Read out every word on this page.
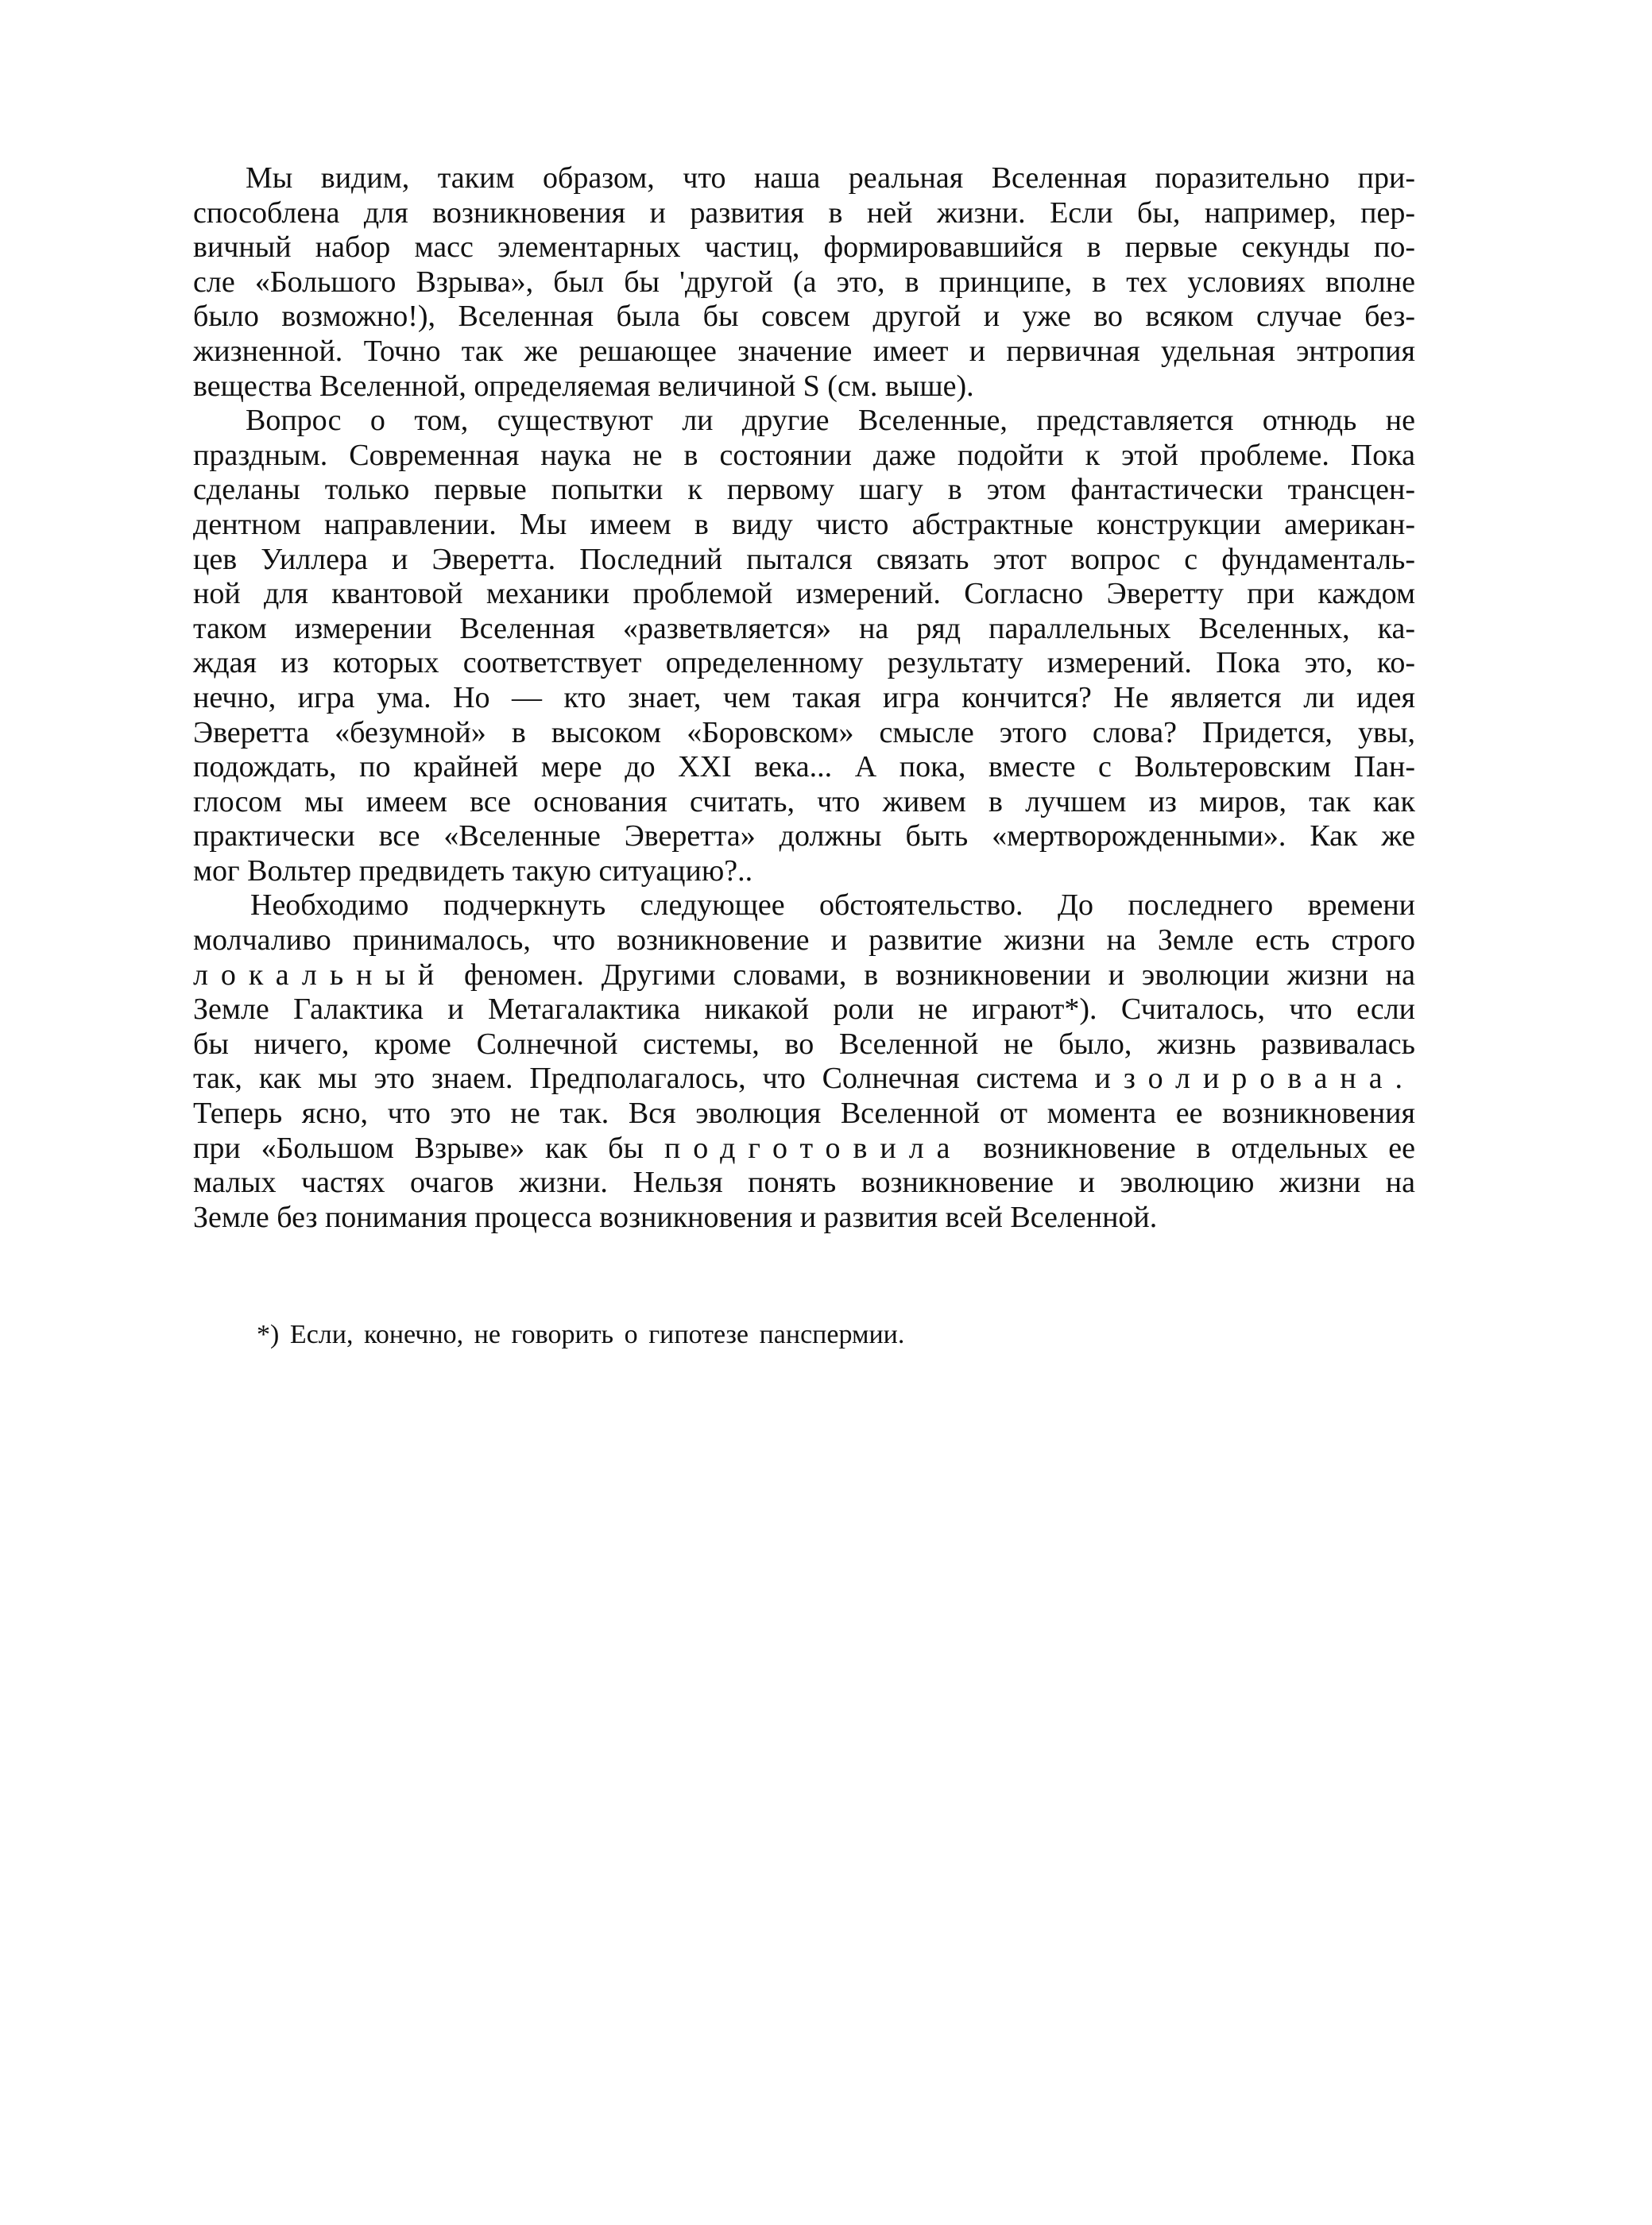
Мы видим, таким образом, что наша реальная Вселенная поразительно при-
способлена для возникновения и развития в ней жизни. Если бы, например, пер-
вичный набор масс элементарных частиц, формировавшийся в первые секунды по-
сле «Большого Взрыва», был бы 'другой (а это, в принципе, в тех условиях вполне
было возможно!), Вселенная была бы совсем другой и уже во всяком случае без-
жизненной. Точно так же решающее значение имеет и первичная удельная энтропия
вещества Вселенной, определяемая величиной S (см. выше).
Вопрос о том, существуют ли другие Вселенные, представляется отнюдь не
праздным. Современная наука не в состоянии даже подойти к этой проблеме. Пока
сделаны только первые попытки к первому шагу в этом фантастически трансцен-
дентном направлении. Мы имеем в виду чисто абстрактные конструкции американ-
цев Уиллера и Эверетта. Последний пытался связать этот вопрос с фундаменталь-
ной для квантовой механики проблемой измерений. Согласно Эверетту при каждом
таком измерении Вселенная «разветвляется» на ряд параллельных Вселенных, ка-
ждая из которых соответствует определенному результату измерений. Пока это, ко-
нечно, игра ума. Но — кто знает, чем такая игра кончится? Не является ли идея
Эверетта «безумной» в высоком «Боровском» смысле этого слова? Придется, увы,
подождать, по крайней мере до XXI века... А пока, вместе с Вольтеровским Пан-
глосом мы имеем все основания считать, что живем в лучшем из миров, так как
практически все «Вселенные Эверетта» должны быть «мертворожденными». Как же
мог Вольтер предвидеть такую ситуацию?..
Необходимо подчеркнуть следующее обстоятельство. До последнего времени
молчаливо принималось, что возникновение и развитие жизни на Земле есть строго
локальный феномен. Другими словами, в возникновении и эволюции жизни на
Земле Галактика и Метагалактика никакой роли не играют*). Считалось, что если
бы ничего, кроме Солнечной системы, во Вселенной не было, жизнь развивалась
так, как мы это знаем. Предполагалось, что Солнечная система изолирована.
Теперь ясно, что это не так. Вся эволюция Вселенной от момента ее возникновения
при «Большом Взрыве» как бы подготовила возникновение в отдельных ее
малых частях очагов жизни. Нельзя понять возникновение и эволюцию жизни на
Земле без понимания процесса возникновения и развития всей Вселенной.
*) Если, конечно, не говорить о гипотезе панспермии.
